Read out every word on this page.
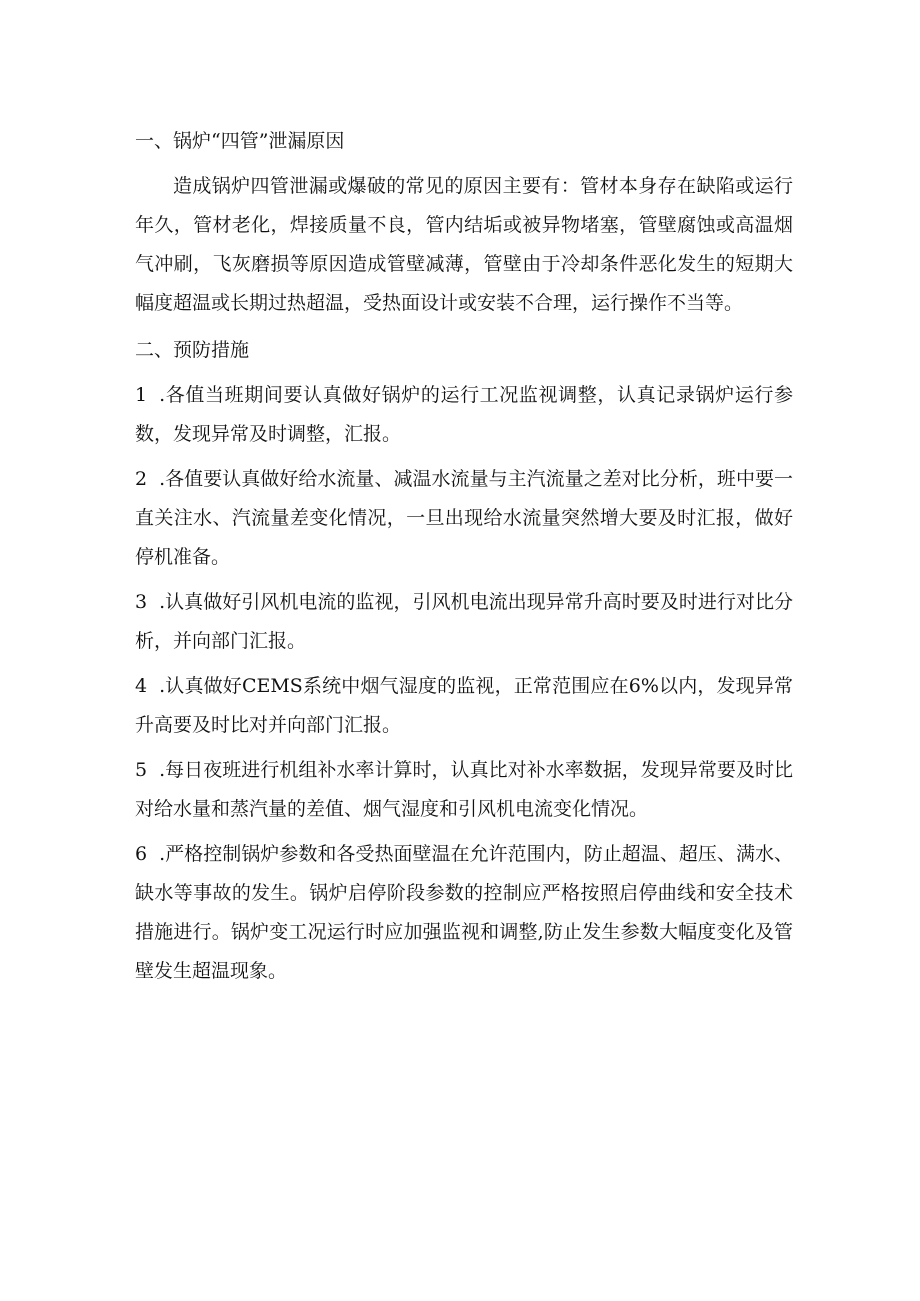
一、锅炉“四管”泄漏原因
造成锅炉四管泄漏或爆破的常见的原因主要有：管材本身存在缺陷或运行年久，管材老化，焊接质量不良，管内结垢或被异物堵塞，管壁腐蚀或高温烟气冲刷，飞灰磨损等原因造成管壁减薄，管壁由于冷却条件恶化发生的短期大幅度超温或长期过热超温，受热面设计或安装不合理，运行操作不当等。
二、预防措施
1 .各值当班期间要认真做好锅炉的运行工况监视调整，认真记录锅炉运行参数，发现异常及时调整，汇报。
2 .各值要认真做好给水流量、减温水流量与主汽流量之差对比分析，班中要一直关注水、汽流量差变化情况，一旦出现给水流量突然增大要及时汇报，做好停机准备。
3 .认真做好引风机电流的监视，引风机电流出现异常升高时要及时进行对比分析，并向部门汇报。
4 .认真做好CEMS系统中烟气湿度的监视，正常范围应在6%以内，发现异常升高要及时比对并向部门汇报。
5 .每日夜班进行机组补水率计算时，认真比对补水率数据，发现异常要及时比对给水量和蒸汽量的差值、烟气湿度和引风机电流变化情况。
6 .严格控制锅炉参数和各受热面壁温在允许范围内，防止超温、超压、满水、缺水等事故的发生。锅炉启停阶段参数的控制应严格按照启停曲线和安全技术措施进行。锅炉变工况运行时应加强监视和调整,防止发生参数大幅度变化及管壁发生超温现象。
